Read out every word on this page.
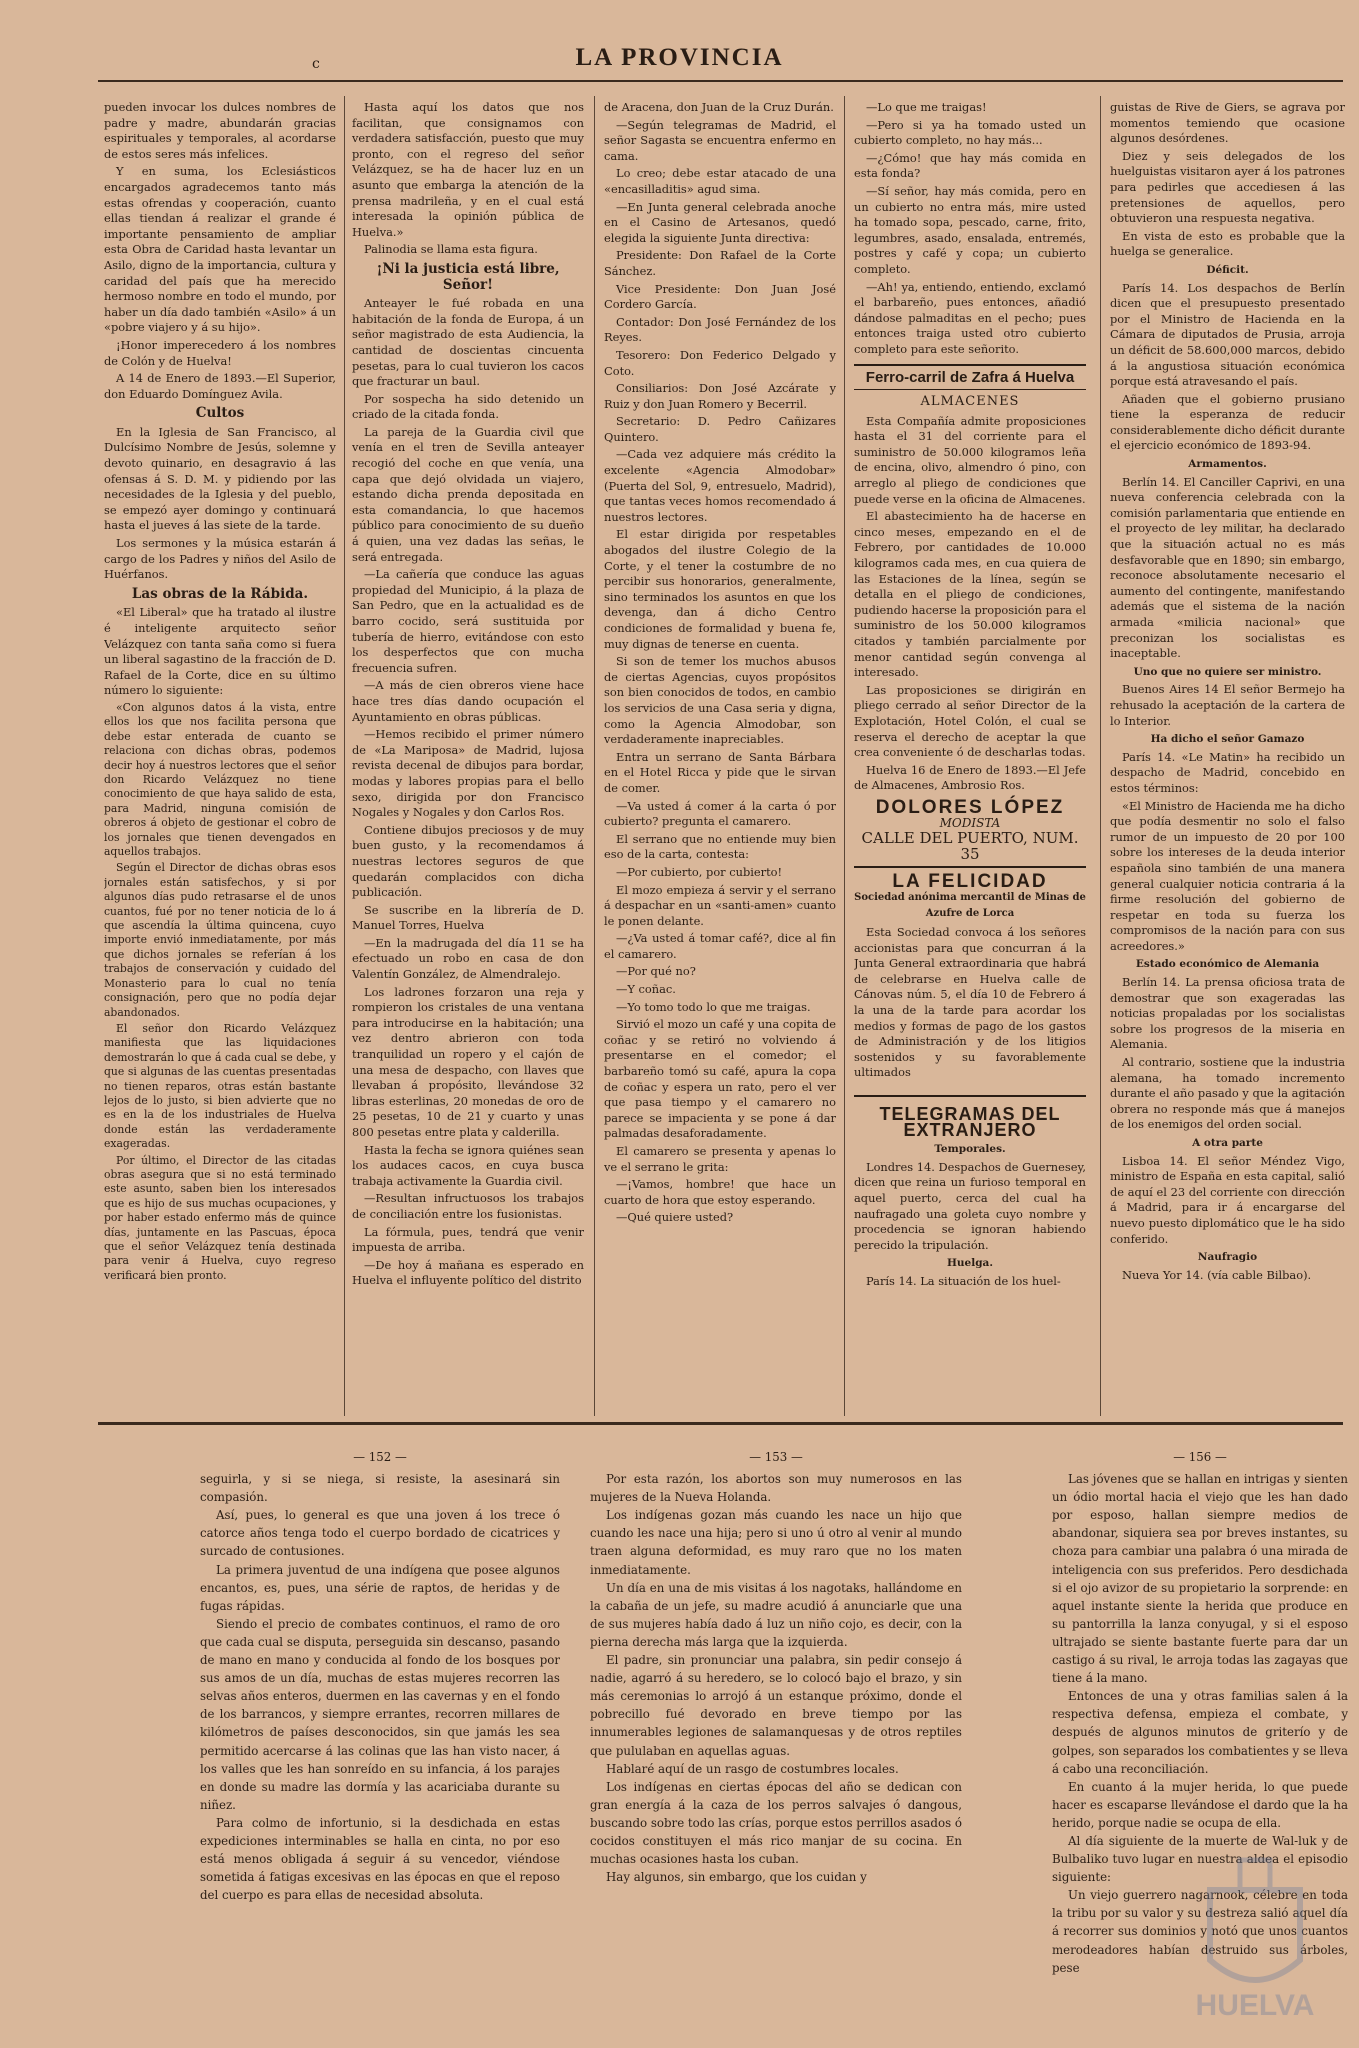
c	LA PROVINCIA

pueden invocar los dulces nombres de padre y madre, abundarán gracias espirituales y temporales, al acordarse de estos seres más infelices.

Y en suma, los Eclesiásticos encargados agradecemos tanto más estas ofrendas y cooperación, cuanto ellas tiendan á realizar el grande é importante pensamiento de ampliar esta Obra de Caridad hasta levantar un Asilo, digno de la importancia, cultura y caridad del país que ha merecido hermoso nombre en todo el mundo, por haber un día dado también «Asilo» á un «pobre viajero y á su hijo».

¡Honor imperecedero á los nombres de Colón y de Huelva!

A 14 de Enero de 1893.—El Superior, don Eduardo Domínguez Avila.

Cultos

En la Iglesia de San Francisco, al Dulcísimo Nombre de Jesús, solemne y devoto quinario, en desagravio á las ofensas á S. D. M. y pidiendo por las necesidades de la Iglesia y del pueblo, se empezó ayer domingo y continuará hasta el jueves á las siete de la tarde.

Los sermones y la música estarán á cargo de los Padres y niños del Asilo de Huérfanos.

Las obras de la Rábida.

«El Liberal» que ha tratado al ilustre é inteligente arquitecto señor Velázquez con tanta saña como si fuera un liberal sagastino de la fracción de D. Rafael de la Corte, dice en su último número lo siguiente:

«Con algunos datos á la vista, entre ellos los que nos facilita persona que debe estar enterada de cuanto se relaciona con dichas obras, podemos decir hoy á nuestros lectores que el señor don Ricardo Velázquez no tiene conocimiento de que haya salido de esta, para Madrid, ninguna comisión de obreros á objeto de gestionar el cobro de los jornales que tienen devengados en aquellos trabajos.

Según el Director de dichas obras esos jornales están satisfechos, y si por algunos días pudo retrasarse el de unos cuantos, fué por no tener noticia de lo á que ascendía la última quincena, cuyo importe envió inmediatamente, por más que dichos jornales se referían á los trabajos de conservación y cuidado del Monasterio para lo cual no tenía consignación, pero que no podía dejar abandonados.

El señor don Ricardo Velázquez manifiesta que las liquidaciones demostrarán lo que á cada cual se debe, y que si algunas de las cuentas presentadas no tienen reparos, otras están bastante lejos de lo justo, si bien advierte que no es en la de los industriales de Huelva donde están las verdaderamente exageradas.

Por último, el Director de las citadas obras asegura que si no está terminado este asunto, saben bien los interesados que es hijo de sus muchas ocupaciones, y por haber estado enfermo más de quince días, juntamente en las Pascuas, época que el señor Velázquez tenía destinada para venir á Huelva, cuyo regreso verificará bien pronto.

Hasta aquí los datos que nos facilitan, que consignamos con verdadera satisfacción, puesto que muy pronto, con el regreso del señor Velázquez, se ha de hacer luz en un asunto que embarga la atención de la prensa madrileña, y en el cual está interesada la opinión pública de Huelva.»

Palinodia se llama esta figura.

¡Ni la justicia está libre, Señor!

Anteayer le fué robada en una habitación de la fonda de Europa, á un señor magistrado de esta Audiencia, la cantidad de doscientas cincuenta pesetas, para lo cual tuvieron los cacos que fracturar un baul.

Por sospecha ha sido detenido un criado de la citada fonda.

La pareja de la Guardia civil que venía en el tren de Sevilla anteayer recogió del coche en que venía, una capa que dejó olvidada un viajero, estando dicha prenda depositada en esta comandancia, lo que hacemos público para conocimiento de su dueño á quien, una vez dadas las señas, le será entregada.

—La cañería que conduce las aguas propiedad del Municipio, á la plaza de San Pedro, que en la actualidad es de barro cocido, será sustituida por tubería de hierro, evitándose con esto los desperfectos que con mucha frecuencia sufren.

—A más de cien obreros viene hace hace tres días dando ocupación el Ayuntamiento en obras públicas.

—Hemos recibido el primer número de «La Mariposa» de Madrid, lujosa revista decenal de dibujos para bordar, modas y labores propias para el bello sexo, dirigida por don Francisco Nogales y Nogales y don Carlos Ros.

Contiene dibujos preciosos y de muy buen gusto, y la recomendamos á nuestras lectores seguros de que quedarán complacidos con dicha publicación.

Se suscribe en la librería de D. Manuel Torres, Huelva

—En la madrugada del día 11 se ha efectuado un robo en casa de don Valentín González, de Almendralejo.

Los ladrones forzaron una reja y rompieron los cristales de una ventana para introducirse en la habitación; una vez dentro abrieron con toda tranquilidad un ropero y el cajón de una mesa de despacho, con llaves que llevaban á propósito, llevándose 32 libras esterlinas, 20 monedas de oro de 25 pesetas, 10 de 21 y cuarto y unas 800 pesetas entre plata y calderilla.

Hasta la fecha se ignora quiénes sean los audaces cacos, en cuya busca trabaja activamente la Guardia civil.

—Resultan infructuosos los trabajos de conciliación entre los fusionistas.

La fórmula, pues, tendrá que venir impuesta de arriba.

—De hoy á mañana es esperado en Huelva el influyente político del distrito

de Aracena, don Juan de la Cruz Durán.

—Según telegramas de Madrid, el señor Sagasta se encuentra enfermo en cama.

Lo creo; debe estar atacado de una «encasilladitis» agud sima.

—En Junta general celebrada anoche en el Casino de Artesanos, quedó elegida la siguiente Junta directiva:

Presidente: Don Rafael de la Corte Sánchez.

Vice Presidente: Don Juan José Cordero García.

Contador: Don José Fernández de los Reyes.

Tesorero: Don Federico Delgado y Coto.

Consiliarios: Don José Azcárate y Ruiz y don Juan Romero y Becerril.

Secretario: D. Pedro Cañizares Quintero.

—Cada vez adquiere más crédito la excelente «Agencia Almodobar» (Puerta del Sol, 9, entresuelo, Madrid), que tantas veces homos recomendado á nuestros lectores.

El estar dirigida por respetables abogados del ilustre Colegio de la Corte, y el tener la costumbre de no percibir sus honorarios, generalmente, sino terminados los asuntos en que los devenga, dan á dicho Centro condiciones de formalidad y buena fe, muy dignas de tenerse en cuenta.

Si son de temer los muchos abusos de ciertas Agencias, cuyos propósitos son bien conocidos de todos, en cambio los servicios de una Casa seria y digna, como la Agencia Almodobar, son verdaderamente inapreciables.

Entra un serrano de Santa Bárbara en el Hotel Ricca y pide que le sirvan de comer.

—Va usted á comer á la carta ó por cubierto? pregunta el camarero.

El serrano que no entiende muy bien eso de la carta, contesta:

—Por cubierto, por cubierto!

El mozo empieza á servir y el serrano á despachar en un «santi-amen» cuanto le ponen delante.

—¿Va usted á tomar café?, dice al fin el camarero.

—Por qué no?

—Y coñac.

—Yo tomo todo lo que me traigas.

Sirvió el mozo un café y una copita de coñac y se retiró no volviendo á presentarse en el comedor; el barbareño tomó su café, apura la copa de coñac y espera un rato, pero el ver que pasa tiempo y el camarero no parece se impacienta y se pone á dar palmadas desaforadamente.

El camarero se presenta y apenas lo ve el serrano le grita:

—¡Vamos, hombre! que hace un cuarto de hora que estoy esperando.

—Qué quiere usted?

—Lo que me traigas!

—Pero si ya ha tomado usted un cubierto completo, no hay más...

—¿Cómo! que hay más comida en esta fonda?

—Sí señor, hay más comida, pero en un cubierto no entra más, mire usted ha tomado sopa, pescado, carne, frito, legumbres, asado, ensalada, entremés, postres y café y copa; un cubierto completo.

—Ah! ya, entiendo, entiendo, exclamó el barbareño, pues entonces, añadió dándose palmaditas en el pecho; pues entonces traiga usted otro cubierto completo para este señorito.

Ferro-carril de Zafra á Huelva
ALMACENES

Esta Compañía admite proposiciones hasta el 31 del corriente para el suministro de 50.000 kilogramos leña de encina, olivo, almendro ó pino, con arreglo al pliego de condiciones que puede verse en la oficina de Almacenes.

El abastecimiento ha de hacerse en cinco meses, empezando en el de Febrero, por cantidades de 10.000 kilogramos cada mes, en cua quiera de las Estaciones de la línea, según se detalla en el pliego de condiciones, pudiendo hacerse la proposición para el suministro de los 50.000 kilogramos citados y también parcialmente por menor cantidad según convenga al interesado.

Las proposiciones se dirigirán en pliego cerrado al señor Director de la Explotación, Hotel Colón, el cual se reserva el derecho de aceptar la que crea conveniente ó de descharlas todas.

Huelva 16 de Enero de 1893.—El Jefe de Almacenes, Ambrosio Ros.

DOLORES LÓPEZ
MODISTA
CALLE DEL PUERTO, NUM. 35
LA FELICIDAD
Sociedad anónima mercantil de Minas de Azufre de Lorca

Esta Sociedad convoca á los señores accionistas para que concurran á la Junta General extraordinaria que habrá de celebrarse en Huelva calle de Cánovas núm. 5, el día 10 de Febrero á la una de la tarde para acordar los medios y formas de pago de los gastos de Administración y de los litigios sostenidos y su favorablemente ultimados

TELEGRAMAS DEL EXTRANJERO
Temporales.

Londres 14. Despachos de Guernesey, dicen que reina un furioso temporal en aquel puerto, cerca del cual ha naufragado una goleta cuyo nombre y procedencia se ignoran habiendo perecido la tripulación.

Huelga.

París 14. La situación de los huel-

guistas de Rive de Giers, se agrava por momentos temiendo que ocasione algunos desórdenes.

Diez y seis delegados de los huelguistas visitaron ayer á los patrones para pedirles que accediesen á las pretensiones de aquellos, pero obtuvieron una respuesta negativa.

En vista de esto es probable que la huelga se generalice.

Déficit.

París 14. Los despachos de Berlín dicen que el presupuesto presentado por el Ministro de Hacienda en la Cámara de diputados de Prusia, arroja un déficit de 58.600,000 marcos, debido á la angustiosa situación económica porque está atravesando el país.

Añaden que el gobierno prusiano tiene la esperanza de reducir considerablemente dicho déficit durante el ejercicio económico de 1893-94.

Armamentos.

Berlín 14. El Canciller Caprivi, en una nueva conferencia celebrada con la comisión parlamentaria que entiende en el proyecto de ley militar, ha declarado que la situación actual no es más desfavorable que en 1890; sin embargo, reconoce absolutamente necesario el aumento del contingente, manifestando además que el sistema de la nación armada «milicia nacional» que preconizan los socialistas es inaceptable.

Uno que no quiere ser ministro.

Buenos Aires 14 El señor Bermejo ha rehusado la aceptación de la cartera de lo Interior.

Ha dicho el señor Gamazo

París 14. «Le Matin» ha recibido un despacho de Madrid, concebido en estos términos:

«El Ministro de Hacienda me ha dicho que podía desmentir no solo el falso rumor de un impuesto de 20 por 100 sobre los intereses de la deuda interior española sino también de una manera general cualquier noticia contraria á la firme resolución del gobierno de respetar en toda su fuerza los compromisos de la nación para con sus acreedores.»

Estado económico de Alemania

Berlín 14. La prensa oficiosa trata de demostrar que son exageradas las noticias propaladas por los socialistas sobre los progresos de la miseria en Alemania.

Al contrario, sostiene que la industria alemana, ha tomado incremento durante el año pasado y que la agitación obrera no responde más que á manejos de los enemigos del orden social.

A otra parte

Lisboa 14. El señor Méndez Vigo, ministro de España en esta capital, salió de aquí el 23 del corriente con dirección á Madrid, para ir á encargarse del nuevo puesto diplomático que le ha sido conferido.

Naufragio

Nueva Yor 14. (vía cable Bilbao).

— 152 —

seguirla, y si se niega, si resiste, la asesinará sin compasión.

Así, pues, lo general es que una joven á los trece ó catorce años tenga todo el cuerpo bordado de cicatrices y surcado de contusiones.

La primera juventud de una indígena que posee algunos encantos, es, pues, una série de raptos, de heridas y de fugas rápidas.

Siendo el precio de combates continuos, el ramo de oro que cada cual se disputa, perseguida sin descanso, pasando de mano en mano y conducida al fondo de los bosques por sus amos de un día, muchas de estas mujeres recorren las selvas años enteros, duermen en las cavernas y en el fondo de los barrancos, y siempre errantes, recorren millares de kilómetros de países desconocidos, sin que jamás les sea permitido acercarse á las colinas que las han visto nacer, á los valles que les han sonreído en su infancia, á los parajes en donde su madre las dormía y las acariciaba durante su niñez.

Para colmo de infortunio, si la desdichada en estas expediciones interminables se halla en cinta, no por eso está menos obligada á seguir á su vencedor, viéndose sometida á fatigas excesivas en las épocas en que el reposo del cuerpo es para ellas de necesidad absoluta.

— 153 —

Por esta razón, los abortos son muy numerosos en las mujeres de la Nueva Holanda.

Los indígenas gozan más cuando les nace un hijo que cuando les nace una hija; pero si uno ú otro al venir al mundo traen alguna deformidad, es muy raro que no los maten inmediatamente.

Un día en una de mis visitas á los nagotaks, hallándome en la cabaña de un jefe, su madre acudió á anunciarle que una de sus mujeres había dado á luz un niño cojo, es decir, con la pierna derecha más larga que la izquierda.

El padre, sin pronunciar una palabra, sin pedir consejo á nadie, agarró á su heredero, se lo colocó bajo el brazo, y sin más ceremonias lo arrojó á un estanque próximo, donde el pobrecillo fué devorado en breve tiempo por las innumerables legiones de salamanquesas y de otros reptiles que pululaban en aquellas aguas.

Hablaré aquí de un rasgo de costumbres locales.

Los indígenas en ciertas épocas del año se dedican con gran energía á la caza de los perros salvajes ó dangous, buscando sobre todo las crías, porque estos perrillos asados ó cocidos constituyen el más rico manjar de su cocina. En muchas ocasiones hasta los cuban.

Hay algunos, sin embargo, que los cuidan y

— 156 —

Las jóvenes que se hallan en intrigas y sienten un ódio mortal hacia el viejo que les han dado por esposo, hallan siempre medios de abandonar, siquiera sea por breves instantes, su choza para cambiar una palabra ó una mirada de inteligencia con sus preferidos. Pero desdichada si el ojo avizor de su propietario la sorprende: en aquel instante siente la herida que produce en su pantorrilla la lanza conyugal, y si el esposo ultrajado se siente bastante fuerte para dar un castigo á su rival, le arroja todas las zagayas que tiene á la mano.

Entonces de una y otras familias salen á la respectiva defensa, empieza el combate, y después de algunos minutos de griterío y de golpes, son separados los combatientes y se lleva á cabo una reconciliación.

En cuanto á la mujer herida, lo que puede hacer es escaparse llevándose el dardo que la ha herido, porque nadie se ocupa de ella.

Al día siguiente de la muerte de Wal-luk y de Bulbaliko tuvo lugar en nuestra aldea el episodio siguiente:

Un viejo guerrero nagarnook, célebre en toda la tribu por su valor y su destreza salió aquel día á recorrer sus dominios y notó que unos cuantos merodeadores habían destruido sus árboles, pese

HUELVA
